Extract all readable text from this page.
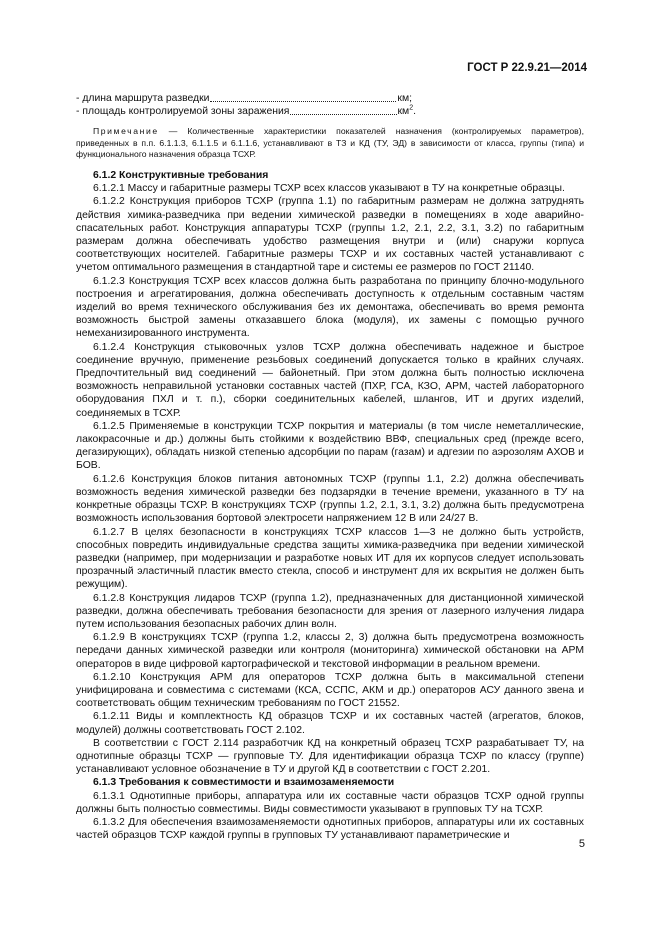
ГОСТ Р 22.9.21—2014
- длина маршрута разведки	км;
- площадь контролируемой зоны заражения	$км^2$.

Примечание — Количественные характеристики показателей назначения (контролируемых параметров), приведенных в п.п. 6.1.1.3, 6.1.1.5 и 6.1.1.6, устанавливают в ТЗ и КД (ТУ, ЭД) в зависимости от класса, группы (типа) и функционального назначения образца ТСХР.

6.1.2 Конструктивные требования

6.1.2.1 Массу и габаритные размеры ТСХР всех классов указывают в ТУ на конкретные образцы.

6.1.2.2 Конструкция приборов ТСХР (группа 1.1) по габаритным размерам не должна затруднять действия химика-разведчика при ведении химической разведки в помещениях в ходе аварийно-спасательных работ. Конструкция аппаратуры ТСХР (группы 1.2, 2.1, 2.2, 3.1, 3.2) по габаритным размерам должна обеспечивать удобство размещения внутри и (или) снаружи корпуса соответствующих носителей. Габаритные размеры ТСХР и их составных частей устанавливают с учетом оптимального размещения в стандартной таре и системы ее размеров по ГОСТ 21140.

6.1.2.3 Конструкция ТСХР всех классов должна быть разработана по принципу блочно-модульного построения и агрегатирования, должна обеспечивать доступность к отдельным составным частям изделий во время технического обслуживания без их демонтажа, обеспечивать во время ремонта возможность быстрой замены отказавшего блока (модуля), их замены с помощью ручного немеханизированного инструмента.

6.1.2.4 Конструкция стыковочных узлов ТСХР должна обеспечивать надежное и быстрое соединение вручную, применение резьбовых соединений допускается только в крайних случаях. Предпочтительный вид соединений — байонетный. При этом должна быть полностью исключена возможность неправильной установки составных частей (ПХР, ГСА, КЗО, АРМ, частей лабораторного оборудования ПХЛ и т. п.), сборки соединительных кабелей, шлангов, ИТ и других изделий, соединяемых в ТСХР.

6.1.2.5 Применяемые в конструкции ТСХР покрытия и материалы (в том числе неметаллические, лакокрасочные и др.) должны быть стойкими к воздействию ВВФ, специальных сред (прежде всего, дегазирующих), обладать низкой степенью адсорбции по парам (газам) и адгезии по аэрозолям АХОВ и БОВ.

6.1.2.6 Конструкция блоков питания автономных ТСХР (группы 1.1, 2.2) должна обеспечивать возможность ведения химической разведки без подзарядки в течение времени, указанного в ТУ на конкретные образцы ТСХР. В конструкциях ТСХР (группы 1.2, 2.1, 3.1, 3.2) должна быть предусмотрена возможность использования бортовой электросети напряжением 12 В или 24/27 В.

6.1.2.7 В целях безопасности в конструкциях ТСХР классов 1—3 не должно быть устройств, способных повредить индивидуальные средства защиты химика-разведчика при ведении химической разведки (например, при модернизации и разработке новых ИТ для их корпусов следует использовать прозрачный эластичный пластик вместо стекла, способ и инструмент для их вскрытия не должен быть режущим).

6.1.2.8 Конструкция лидаров ТСХР (группа 1.2), предназначенных для дистанционной химической разведки, должна обеспечивать требования безопасности для зрения от лазерного излучения лидара путем использования безопасных рабочих длин волн.

6.1.2.9 В конструкциях ТСХР (группа 1.2, классы 2, 3) должна быть предусмотрена возможность передачи данных химической разведки или контроля (мониторинга) химической обстановки на АРМ операторов в виде цифровой картографической и текстовой информации в реальном времени.

6.1.2.10 Конструкция АРМ для операторов ТСХР должна быть в максимальной степени унифицирована и совместима с системами (КСА, ССПС, АКМ и др.) операторов АСУ данного звена и соответствовать общим техническим требованиям по ГОСТ 21552.

6.1.2.11 Виды и комплектность КД образцов ТСХР и их составных частей (агрегатов, блоков, модулей) должны соответствовать ГОСТ 2.102.

В соответствии с ГОСТ 2.114 разработчик КД на конкретный образец ТСХР разрабатывает ТУ, на однотипные образцы ТСХР — групповые ТУ. Для идентификации образца ТСХР по классу (группе) устанавливают условное обозначение в ТУ и другой КД в соответствии с ГОСТ 2.201.

6.1.3 Требования к совместимости и взаимозаменяемости

6.1.3.1 Однотипные приборы, аппаратура или их составные части образцов ТСХР одной группы должны быть полностью совместимы. Виды совместимости указывают в групповых ТУ на ТСХР.

6.1.3.2 Для обеспечения взаимозаменяемости однотипных приборов, аппаратуры или их составных частей образцов ТСХР каждой группы в групповых ТУ устанавливают параметрические и

5
